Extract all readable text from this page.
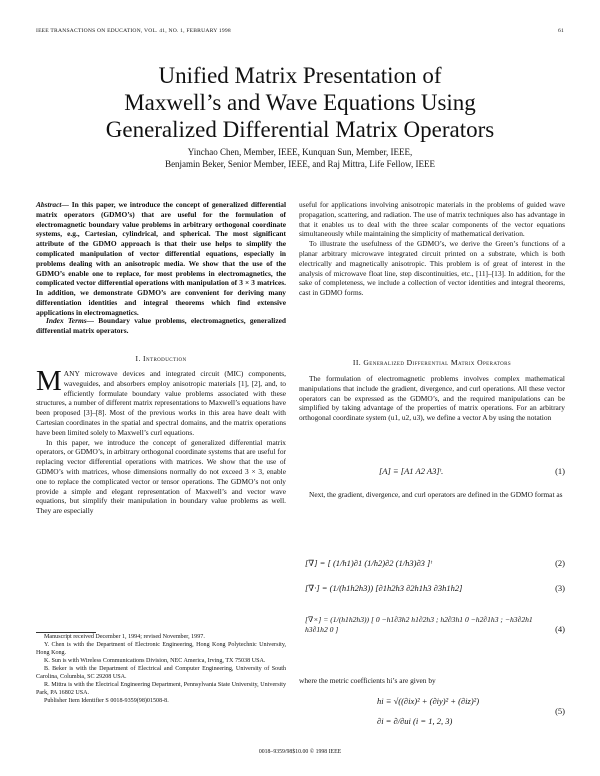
IEEE TRANSACTIONS ON EDUCATION, VOL. 41, NO. 1, FEBRUARY 1998	61
Unified Matrix Presentation of
Maxwell’s and Wave Equations Using
Generalized Differential Matrix Operators
Yinchao Chen, Member, IEEE, Kunquan Sun, Member, IEEE,
Benjamin Beker, Senior Member, IEEE, and Raj Mittra, Life Fellow, IEEE
Abstract— In this paper, we introduce the concept of generalized differential matrix operators (GDMO’s) that are useful for the formulation of electromagnetic boundary value problems in arbitrary orthogonal coordinate systems, e.g., Cartesian, cylindrical, and spherical. The most significant attribute of the GDMO approach is that their use helps to simplify the complicated manipulation of vector differential equations, especially in problems dealing with an anisotropic media. We show that the use of the GDMO’s enable one to replace, for most problems in electromagnetics, the complicated vector differential operations with manipulation of 3 × 3 matrices. In addition, we demonstrate GDMO’s are convenient for deriving many differentiation identities and integral theorems which find extensive applications in electromagnetics.

Index Terms— Boundary value problems, electromagnetics, generalized differential matrix operators.

I. Introduction
MANY microwave devices and integrated circuit (MIC) components, waveguides, and absorbers employ anisotropic materials [1], [2], and, to efficiently formulate boundary value problems associated with these structures, a number of different matrix representations to Maxwell’s equations have been proposed [3]–[8]. Most of the previous works in this area have dealt with Cartesian coordinates in the spatial and spectral domains, and the matrix operations have been limited solely to Maxwell’s curl equations.

In this paper, we introduce the concept of generalized differential matrix operators, or GDMO’s, in arbitrary orthogonal coordinate systems that are useful for replacing vector differential operations with matrices. We show that the use of GDMO’s with matrices, whose dimensions normally do not exceed 3 × 3, enable one to replace the complicated vector or tensor operations. The GDMO’s not only provide a simple and elegant representation of Maxwell’s and vector wave equations, but simplify their manipulation in boundary value problems as well. They are especially

Manuscript received December 1, 1994; revised November, 1997.

Y. Chen is with the Department of Electronic Engineering, Hong Kong Polytechnic University, Hong Kong.

K. Sun is with Wireless Communications Division, NEC America, Irving, TX 75038 USA.

B. Beker is with the Department of Electrical and Computer Engineering, University of South Carolina, Columbia, SC 29208 USA.

R. Mittra is with the Electrical Engineering Department, Pennsylvania State University, University Park, PA 16802 USA.

Publisher Item Identifier S 0018-9359(98)01508-8.

useful for applications involving anisotropic materials in the problems of guided wave propagation, scattering, and radiation. The use of matrix techniques also has advantage in that it enables us to deal with the three scalar components of the vector equations simultaneously while maintaining the simplicity of mathematical derivation.

To illustrate the usefulness of the GDMO’s, we derive the Green’s functions of a planar arbitrary microwave integrated circuit printed on a substrate, which is both electrically and magnetically anisotropic. This problem is of great of interest in the analysis of microwave float line, step discontinuities, etc., [11]–[13]. In addition, for the sake of completeness, we include a collection of vector identities and integral theorems, cast in GDMO forms.

II. Generalized Differential Matrix Operators

The formulation of electromagnetic problems involves complex mathematical manipulations that include the gradient, divergence, and curl operations. All these vector operators can be expressed as the GDMO’s, and the required manipulations can be simplified by taking advantage of the properties of matrix operations. For an arbitrary orthogonal coordinate system (u1, u2, u3), we define a vector A by using the notation

[A] ≡ [A1 A2 A3]ᵗ.	(1)

Next, the gradient, divergence, and curl operators are defined in the GDMO format as

[∇] = [ (1/h1)∂1 (1/h2)∂2 (1/h3)∂3 ]ᵗ	(2)
[∇·] = (1/(h1h2h3)) [∂1h2h3 ∂2h1h3 ∂3h1h2]	(3)
[∇×] = (1/(h1h2h3)) [ 0 −h1∂3h2 h1∂2h3 ; h2∂3h1 0 −h2∂1h3 ; −h3∂2h1 h3∂1h2 0 ]	(4)
where the metric coefficients hi’s are given by
hi ≡ √((∂ix)² + (∂iy)² + (∂iz)²)
∂i = ∂/∂ui (i = 1, 2, 3)
(5)
0018–9359/98$10.00 © 1998 IEEE
